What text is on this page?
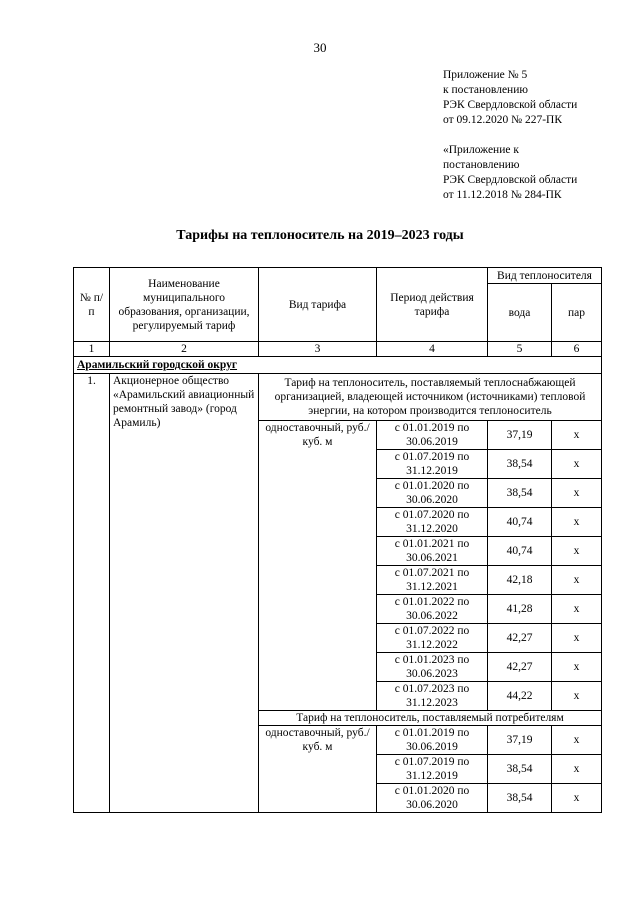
30
Приложение № 5
к постановлению
РЭК Свердловской области
от 09.12.2020 № 227-ПК
«Приложение к
постановлению
РЭК Свердловской области
от 11.12.2018 № 284-ПК
Тарифы на теплоноситель на 2019–2023 годы
№ п/п	Наименование муниципального образования, организации, регулируемый тариф	Вид тарифа	Период действия тарифа	Вид теплоносителя	
				вода	пар
1	2	3	4	5	6
Арамильский городской округ					
1.	Акционерное общество «Арамильский авиационный ремонтный завод» (город Арамиль)	Тариф на теплоноситель, поставляемый теплоснабжающей организацией, владеющей источником (источниками) тепловой энергии, на котором производится теплоноситель			
		одноставочный, руб./куб. м	с 01.01.2019 по 30.06.2019	37,19	x
			с 01.07.2019 по 31.12.2019	38,54	x
			с 01.01.2020 по 30.06.2020	38,54	x
			с 01.07.2020 по 31.12.2020	40,74	x
			с 01.01.2021 по 30.06.2021	40,74	x
			с 01.07.2021 по 31.12.2021	42,18	x
			с 01.01.2022 по 30.06.2022	41,28	x
			с 01.07.2022 по 31.12.2022	42,27	x
			с 01.01.2023 по 30.06.2023	42,27	x
			с 01.07.2023 по 31.12.2023	44,22	x
		Тариф на теплоноситель, поставляемый потребителям			
		одноставочный, руб./куб. м	с 01.01.2019 по 30.06.2019	37,19	x
			с 01.07.2019 по 31.12.2019	38,54	x
			с 01.01.2020 по 30.06.2020	38,54	x
